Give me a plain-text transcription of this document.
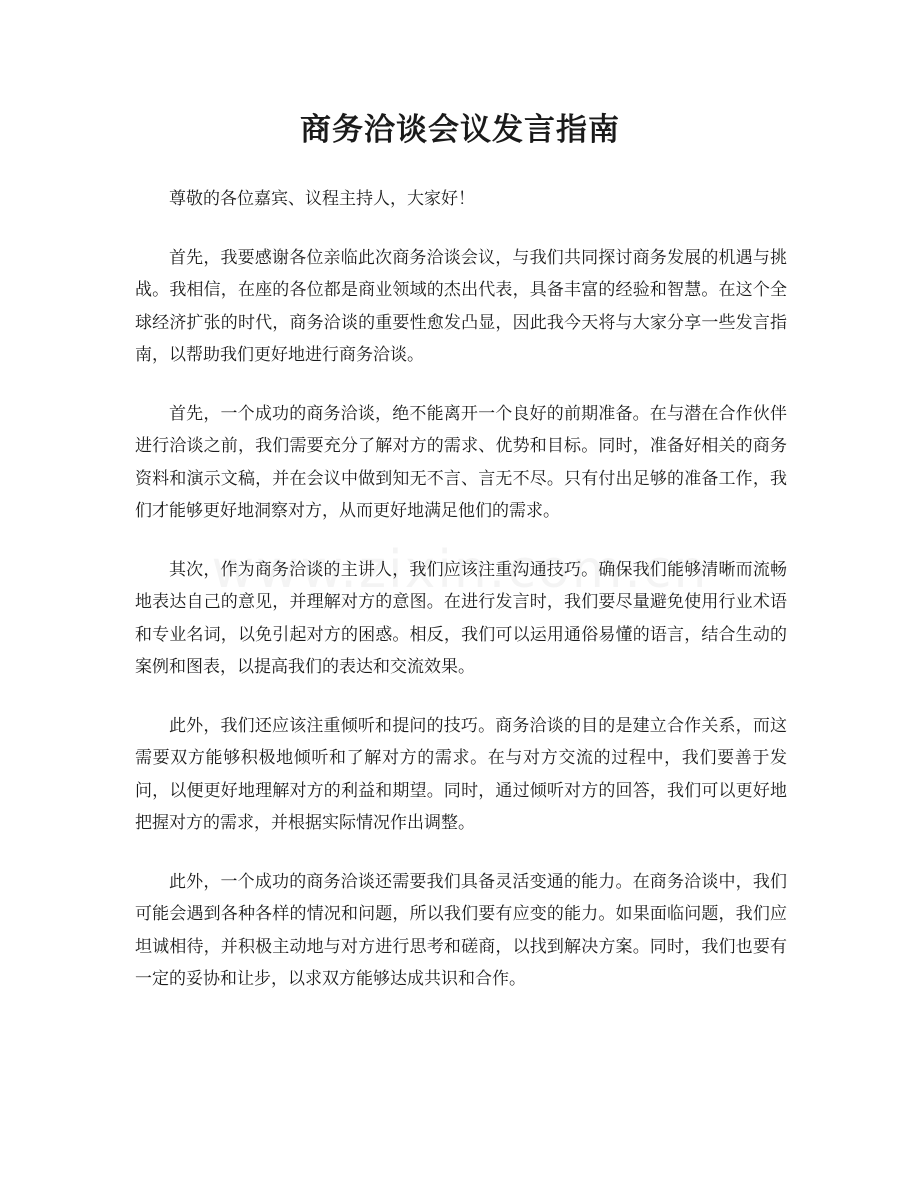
商务洽谈会议发言指南

尊敬的各位嘉宾、议程主持人，大家好！

首先，我要感谢各位亲临此次商务洽谈会议，与我们共同探讨商务发展的机遇与挑战。我相信，在座的各位都是商业领域的杰出代表，具备丰富的经验和智慧。在这个全球经济扩张的时代，商务洽谈的重要性愈发凸显，因此我今天将与大家分享一些发言指南，以帮助我们更好地进行商务洽谈。

首先，一个成功的商务洽谈，绝不能离开一个良好的前期准备。在与潜在合作伙伴进行洽谈之前，我们需要充分了解对方的需求、优势和目标。同时，准备好相关的商务资料和演示文稿，并在会议中做到知无不言、言无不尽。只有付出足够的准备工作，我们才能够更好地洞察对方，从而更好地满足他们的需求。

其次，作为商务洽谈的主讲人，我们应该注重沟通技巧。确保我们能够清晰而流畅地表达自己的意见，并理解对方的意图。在进行发言时，我们要尽量避免使用行业术语和专业名词，以免引起对方的困惑。相反，我们可以运用通俗易懂的语言，结合生动的案例和图表，以提高我们的表达和交流效果。

此外，我们还应该注重倾听和提问的技巧。商务洽谈的目的是建立合作关系，而这需要双方能够积极地倾听和了解对方的需求。在与对方交流的过程中，我们要善于发问，以便更好地理解对方的利益和期望。同时，通过倾听对方的回答，我们可以更好地把握对方的需求，并根据实际情况作出调整。

此外，一个成功的商务洽谈还需要我们具备灵活变通的能力。在商务洽谈中，我们可能会遇到各种各样的情况和问题，所以我们要有应变的能力。如果面临问题，我们应坦诚相待，并积极主动地与对方进行思考和磋商，以找到解决方案。同时，我们也要有一定的妥协和让步，以求双方能够达成共识和合作。
